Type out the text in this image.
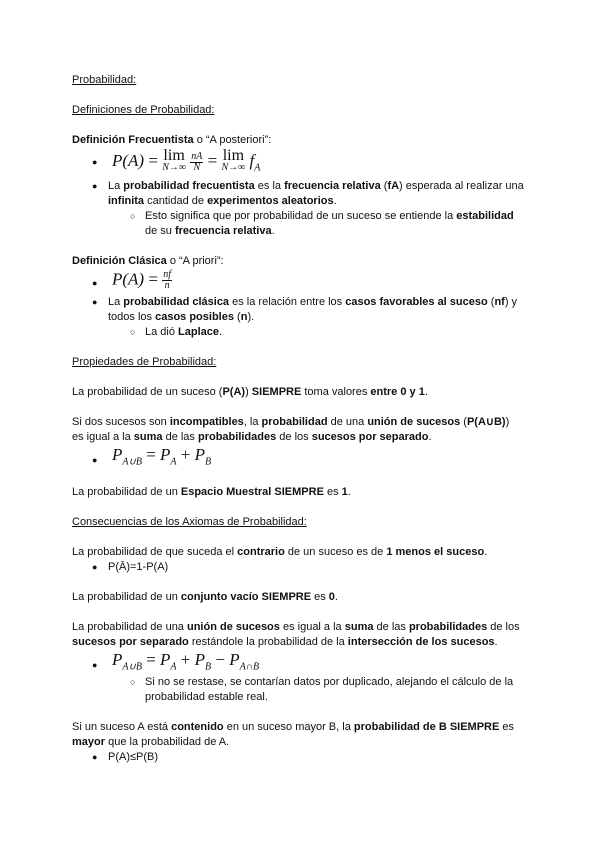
Probabilidad:
Definiciones de Probabilidad:
Definición Frecuentista o “A posteriori”:
● P(A) = lim
N→∞
$\frac{nA}{N} = \lim$
N→∞ $f_A$
● La probabilidad frecuentista es la frecuencia relativa (fA) esperada al realizar una
infinita cantidad de experimentos aleatorios.
○ Esto significa que por probabilidad de un suceso se entiende la estabilidad
de su frecuencia relativa.
Definición Clásica o “A priori”:
● $P(A) = \frac{nf}{n}$
● La probabilidad clásica es la relación entre los casos favorables al suceso (nf) y
todos los casos posibles (n).
○ La dió Laplace.
Propiedades de Probabilidad:
La probabilidad de un suceso (P(A)) SIEMPRE toma valores entre 0 y 1.
Si dos sucesos son incompatibles, la probabilidad de una unión de sucesos (P(A∪B))
es igual a la suma de las probabilidades de los sucesos por separado.
● $P_{A\cup B} = P_A + P_B$
La probabilidad de un Espacio Muestral SIEMPRE es 1.
Consecuencias de los Axiomas de Probabilidad:
La probabilidad de que suceda el contrario de un suceso es de 1 menos el suceso.
● P(Ā)=1-P(A)
La probabilidad de un conjunto vacío SIEMPRE es 0.
La probabilidad de una unión de sucesos es igual a la suma de las probabilidades de los
sucesos por separado restándole la probabilidad de la intersección de los sucesos.
● $P_{A\cup B} = P_A + P_B - P_{A\cap B}$
○ Si no se restase, se contarían datos por duplicado, alejando el cálculo de la
probabilidad estable real.
Si un suceso A está contenido en un suceso mayor B, la probabilidad de B SIEMPRE es
mayor que la probabilidad de A.
● P(A)≤P(B)
